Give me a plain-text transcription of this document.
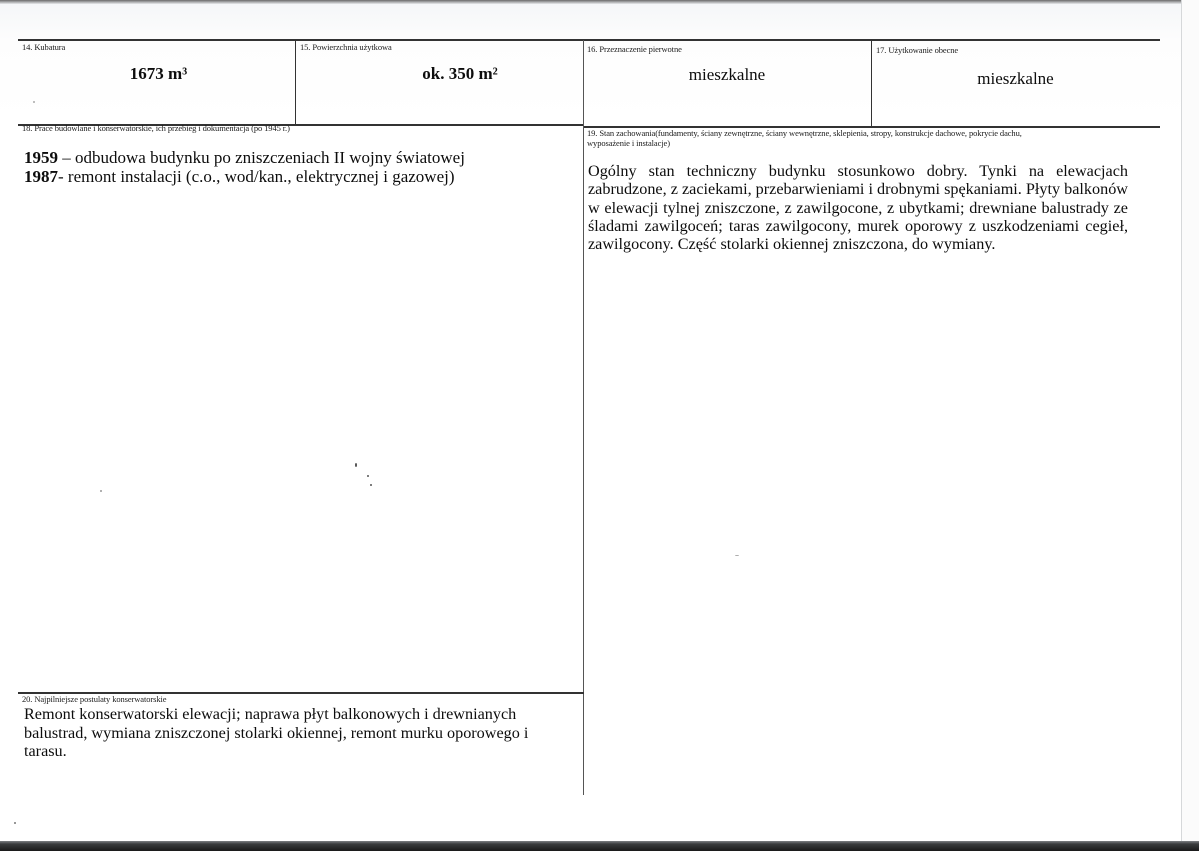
14. Kubatura
1673 m³
15. Powierzchnia użytkowa
ok. 350 m²
16. Przeznaczenie pierwotne
mieszkalne
17. Użytkowanie obecne
mieszkalne
18. Prace budowlane i konserwatorskie, ich przebieg i dokumentacja (po 1945 r.)
1959 – odbudowa budynku po zniszczeniach II wojny światowej
1987- remont instalacji (c.o., wod/kan., elektrycznej i gazowej)
19. Stan zachowania(fundamenty, ściany zewnętrzne, ściany wewnętrzne, sklepienia, stropy, konstrukcje dachowe, pokrycie dachu,
wyposażenie i instalacje)
Ogólny stan techniczny budynku stosunkowo dobry. Tynki na elewacjach zabrudzone, z zaciekami, przebarwieniami i drobnymi spękaniami. Płyty balkonów w elewacji tylnej zniszczone, z zawilgocone, z ubytkami; drewniane balustrady ze śladami zawilgoceń; taras zawilgocony, murek oporowy z uszkodzeniami cegieł, zawilgocony. Część stolarki okiennej zniszczona, do wymiany.
20. Najpilniejsze postulaty konserwatorskie
Remont konserwatorski elewacji; naprawa płyt balkonowych i drewnianych balustrad, wymiana zniszczonej stolarki okiennej, remont murku oporowego i tarasu.
